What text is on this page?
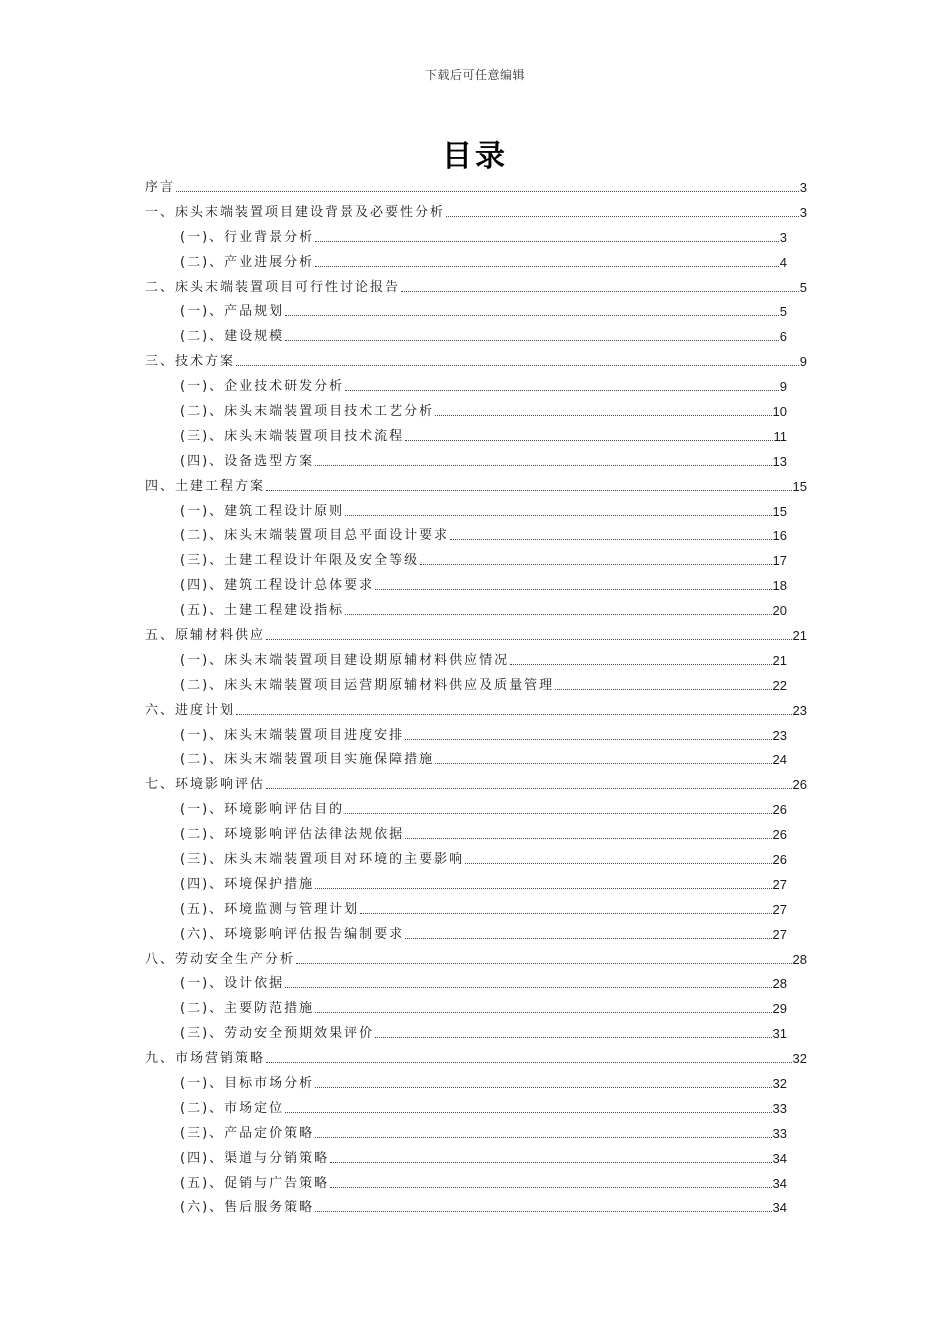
下载后可任意编辑
目录
序言	3
一、床头末端装置项目建设背景及必要性分析	3
(一)、行业背景分析	3
(二)、产业进展分析	4
二、床头末端装置项目可行性讨论报告	5
(一)、产品规划	5
(二)、建设规模	6
三、技术方案	9
(一)、企业技术研发分析	9
(二)、床头末端装置项目技术工艺分析	10
(三)、床头末端装置项目技术流程	11
(四)、设备选型方案	13
四、土建工程方案	15
(一)、建筑工程设计原则	15
(二)、床头末端装置项目总平面设计要求	16
(三)、土建工程设计年限及安全等级	17
(四)、建筑工程设计总体要求	18
(五)、土建工程建设指标	20
五、原辅材料供应	21
(一)、床头末端装置项目建设期原辅材料供应情况	21
(二)、床头末端装置项目运营期原辅材料供应及质量管理	22
六、进度计划	23
(一)、床头末端装置项目进度安排	23
(二)、床头末端装置项目实施保障措施	24
七、环境影响评估	26
(一)、环境影响评估目的	26
(二)、环境影响评估法律法规依据	26
(三)、床头末端装置项目对环境的主要影响	26
(四)、环境保护措施	27
(五)、环境监测与管理计划	27
(六)、环境影响评估报告编制要求	27
八、劳动安全生产分析	28
(一)、设计依据	28
(二)、主要防范措施	29
(三)、劳动安全预期效果评价	31
九、市场营销策略	32
(一)、目标市场分析	32
(二)、市场定位	33
(三)、产品定价策略	33
(四)、渠道与分销策略	34
(五)、促销与广告策略	34
(六)、售后服务策略	34
